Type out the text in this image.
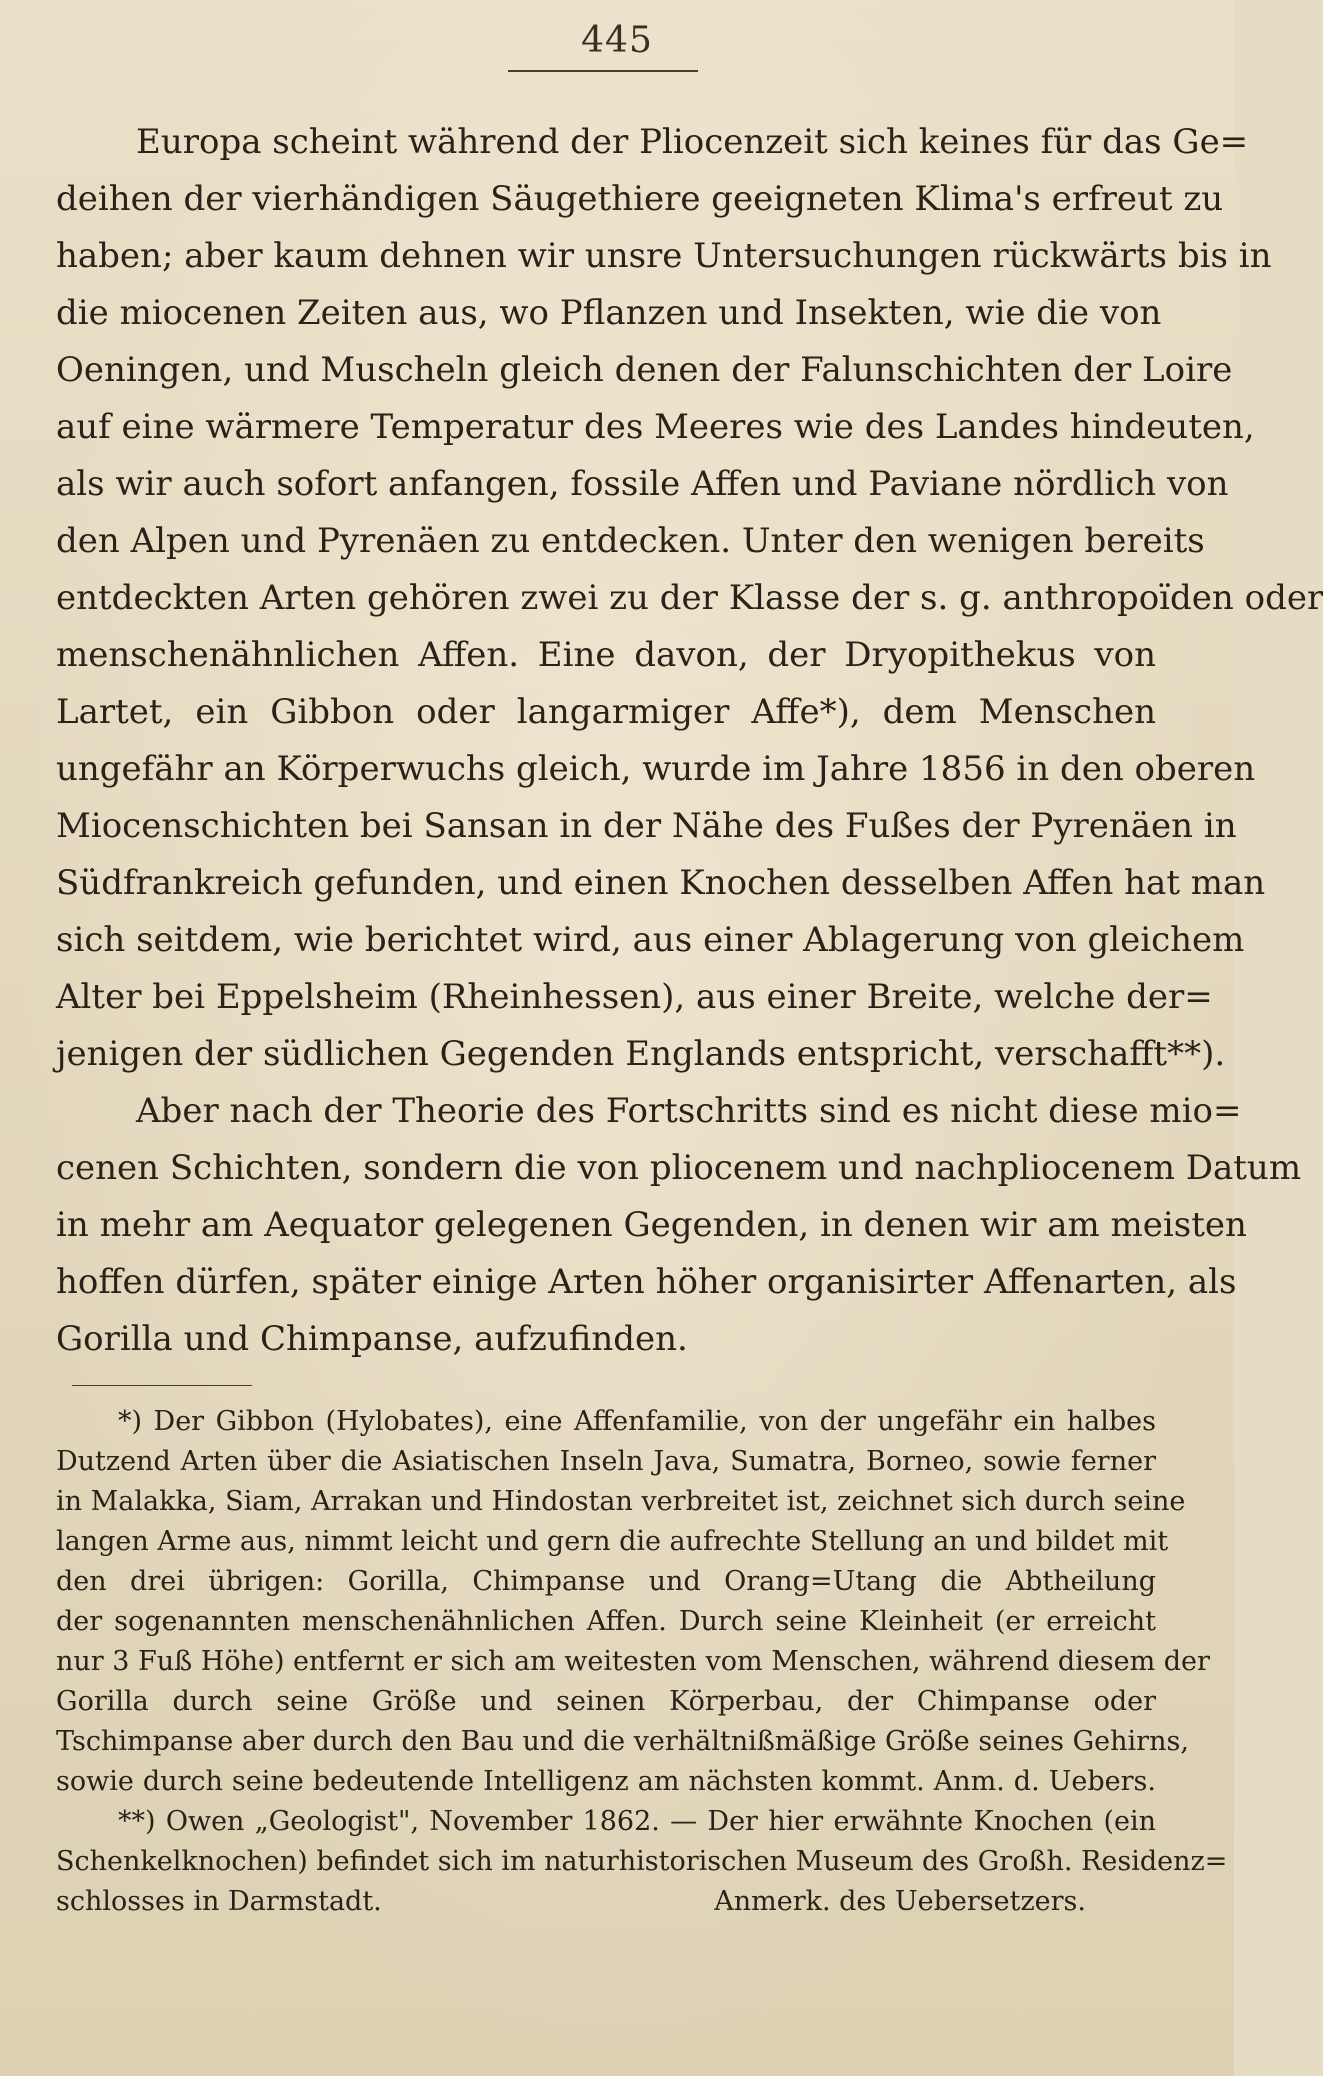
445
Europa scheint während der Pliocenzeit sich keines für das Ge=
deihen der vierhändigen Säugethiere geeigneten Klima's erfreut zu
haben; aber kaum dehnen wir unsre Untersuchungen rückwärts bis in
die miocenen Zeiten aus, wo Pflanzen und Insekten, wie die von
Oeningen, und Muscheln gleich denen der Falunschichten der Loire
auf eine wärmere Temperatur des Meeres wie des Landes hindeuten,
als wir auch sofort anfangen, fossile Affen und Paviane nördlich von
den Alpen und Pyrenäen zu entdecken. Unter den wenigen bereits
entdeckten Arten gehören zwei zu der Klasse der s. g. anthropoïden oder
menschenähnlichen Affen. Eine davon, der Dryopithekus von
Lartet, ein Gibbon oder langarmiger Affe*), dem Menschen
ungefähr an Körperwuchs gleich, wurde im Jahre 1856 in den oberen
Miocenschichten bei Sansan in der Nähe des Fußes der Pyrenäen in
Südfrankreich gefunden, und einen Knochen desselben Affen hat man
sich seitdem, wie berichtet wird, aus einer Ablagerung von gleichem
Alter bei Eppelsheim (Rheinhessen), aus einer Breite, welche der=
jenigen der südlichen Gegenden Englands entspricht, verschafft**).
Aber nach der Theorie des Fortschritts sind es nicht diese mio=
cenen Schichten, sondern die von pliocenem und nachpliocenem Datum
in mehr am Aequator gelegenen Gegenden, in denen wir am meisten
hoffen dürfen, später einige Arten höher organisirter Affenarten, als
Gorilla und Chimpanse, aufzufinden.
*) Der Gibbon (Hylobates), eine Affenfamilie, von der ungefähr ein halbes
Dutzend Arten über die Asiatischen Inseln Java, Sumatra, Borneo, sowie ferner
in Malakka, Siam, Arrakan und Hindostan verbreitet ist, zeichnet sich durch seine
langen Arme aus, nimmt leicht und gern die aufrechte Stellung an und bildet mit
den drei übrigen: Gorilla, Chimpanse und Orang=Utang die Abtheilung
der sogenannten menschenähnlichen Affen. Durch seine Kleinheit (er erreicht
nur 3 Fuß Höhe) entfernt er sich am weitesten vom Menschen, während diesem der
Gorilla durch seine Größe und seinen Körperbau, der Chimpanse oder
Tschimpanse aber durch den Bau und die verhältnißmäßige Größe seines Gehirns,
sowie durch seine bedeutende Intelligenz am nächsten kommt. Anm. d. Uebers.
**) Owen „Geologist", November 1862. — Der hier erwähnte Knochen (ein
Schenkelknochen) befindet sich im naturhistorischen Museum des Großh. Residenz=
schlosses in Darmstadt.	Anmerk. des Uebersetzers.
